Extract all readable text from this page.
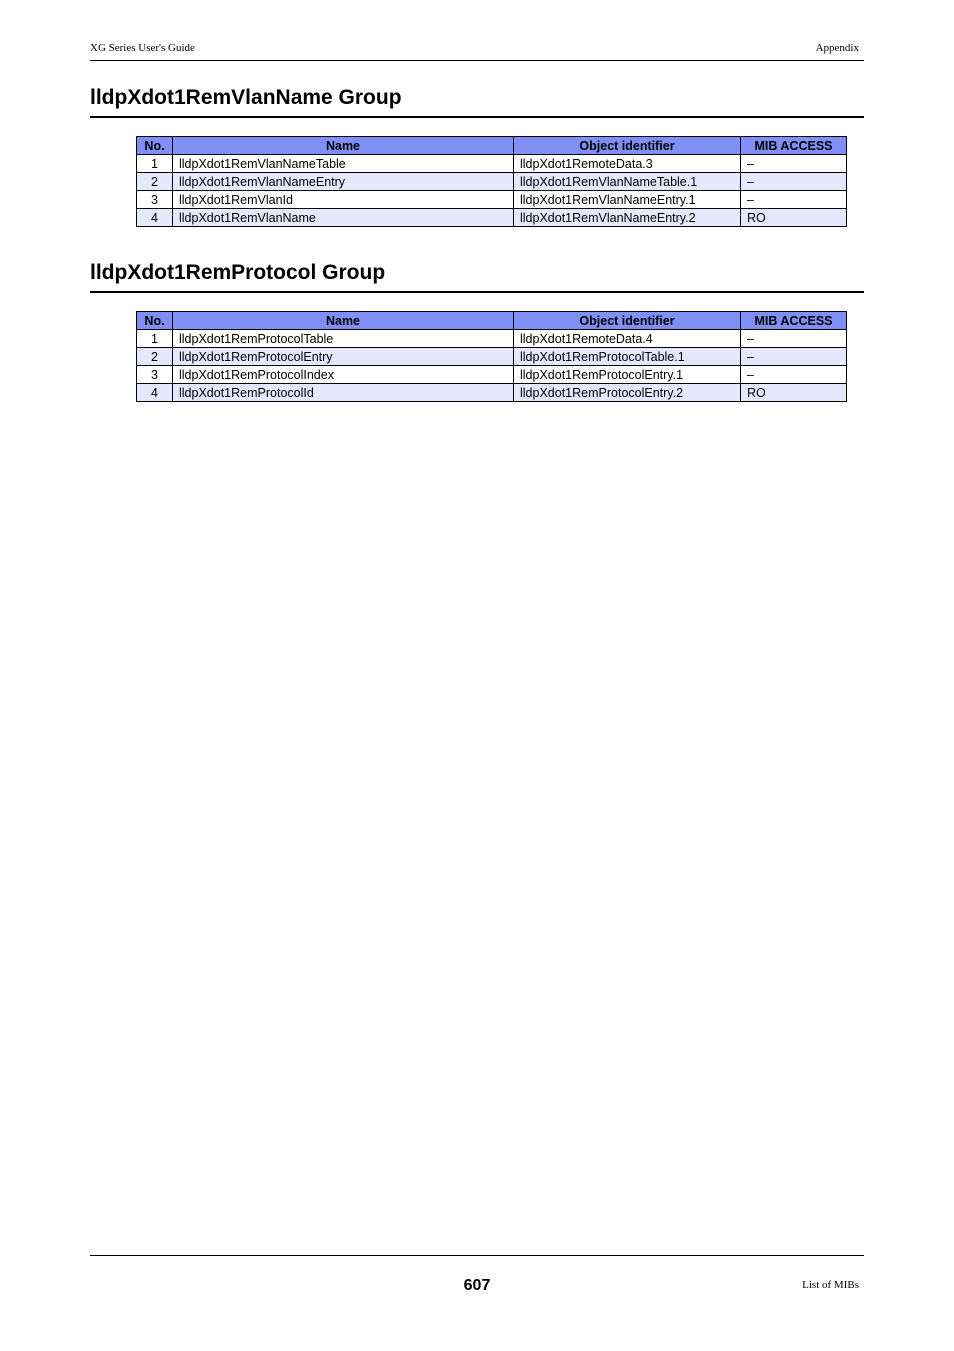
XG Series User's Guide	Appendix
lldpXdot1RemVlanName Group
No.	Name	Object identifier	MIB ACCESS
1	lldpXdot1RemVlanNameTable	lldpXdot1RemoteData.3	–
2	lldpXdot1RemVlanNameEntry	lldpXdot1RemVlanNameTable.1	–
3	lldpXdot1RemVlanId	lldpXdot1RemVlanNameEntry.1	–
4	lldpXdot1RemVlanName	lldpXdot1RemVlanNameEntry.2	RO
lldpXdot1RemProtocol Group
No.	Name	Object identifier	MIB ACCESS
1	lldpXdot1RemProtocolTable	lldpXdot1RemoteData.4	–
2	lldpXdot1RemProtocolEntry	lldpXdot1RemProtocolTable.1	–
3	lldpXdot1RemProtocolIndex	lldpXdot1RemProtocolEntry.1	–
4	lldpXdot1RemProtocolId	lldpXdot1RemProtocolEntry.2	RO
607	List of MIBs
